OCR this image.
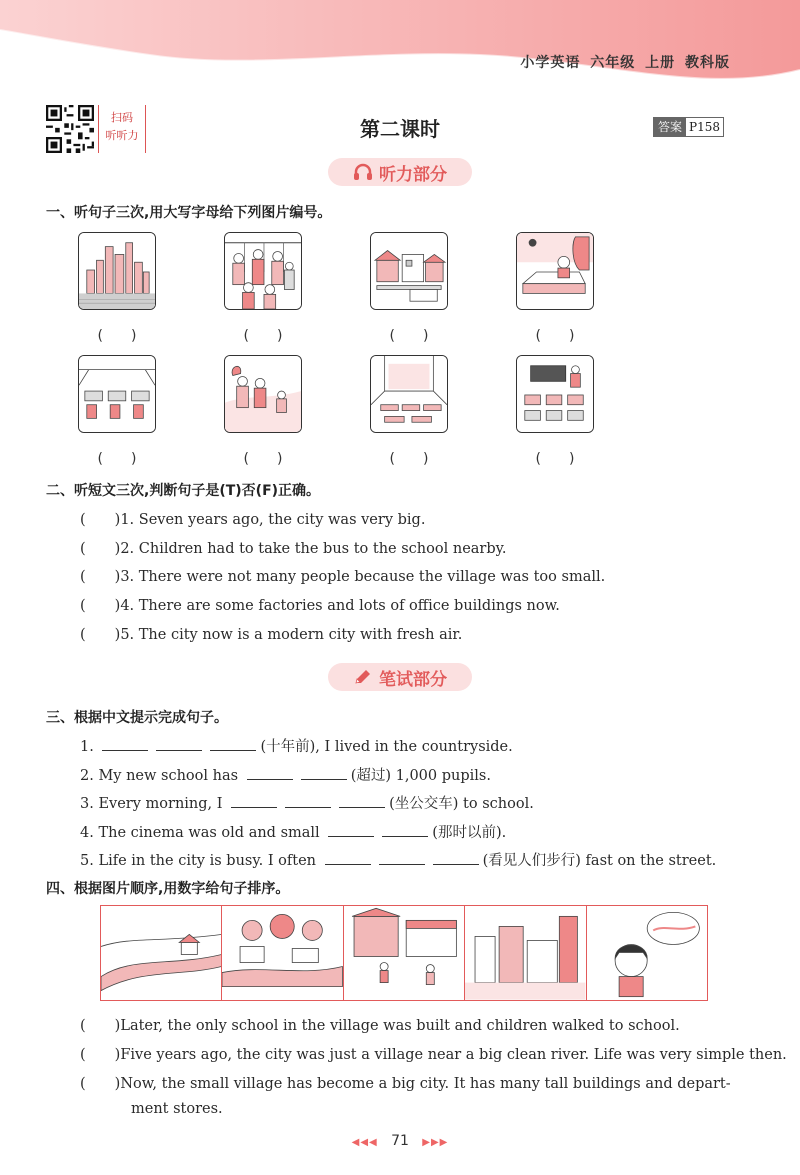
小学英语 六年级 上册 教科版
扫码
听听力	第二课时	答案 P158
听力部分
一、听句子三次,用大写字母给下列图片编号。
(　　)	(　　)	(　　)	(　　)
(　　)	(　　)	(　　)	(　　)
二、听短文三次,判断句子是(T)否(F)正确。
(　　)1. Seven years ago, the city was very big.
(　　)2. Children had to take the bus to the school nearby.
(　　)3. There were not many people because the village was too small.
(　　)4. There are some factories and lots of office buildings now.
(　　)5. The city now is a modern city with fresh air.
笔试部分
三、根据中文提示完成句子。
1.	(十年前), I lived in the countryside.
2. My new school has	(超过) 1,000 pupils.
3. Every morning, I	(坐公交车) to school.
4. The cinema was old and small	(那时以前).
5. Life in the city is busy. I often	(看见人们步行) fast on the street.
四、根据图片顺序,用数字给句子排序。
(　　)Later, the only school in the village was built and children walked to school.
(　　)Five years ago, the city was just a village near a big clean river. Life was very simple then.
(　　)Now, the small village has become a big city. It has many tall buildings and depart-
ment stores.
◀◀◀ 71 ▶▶▶
